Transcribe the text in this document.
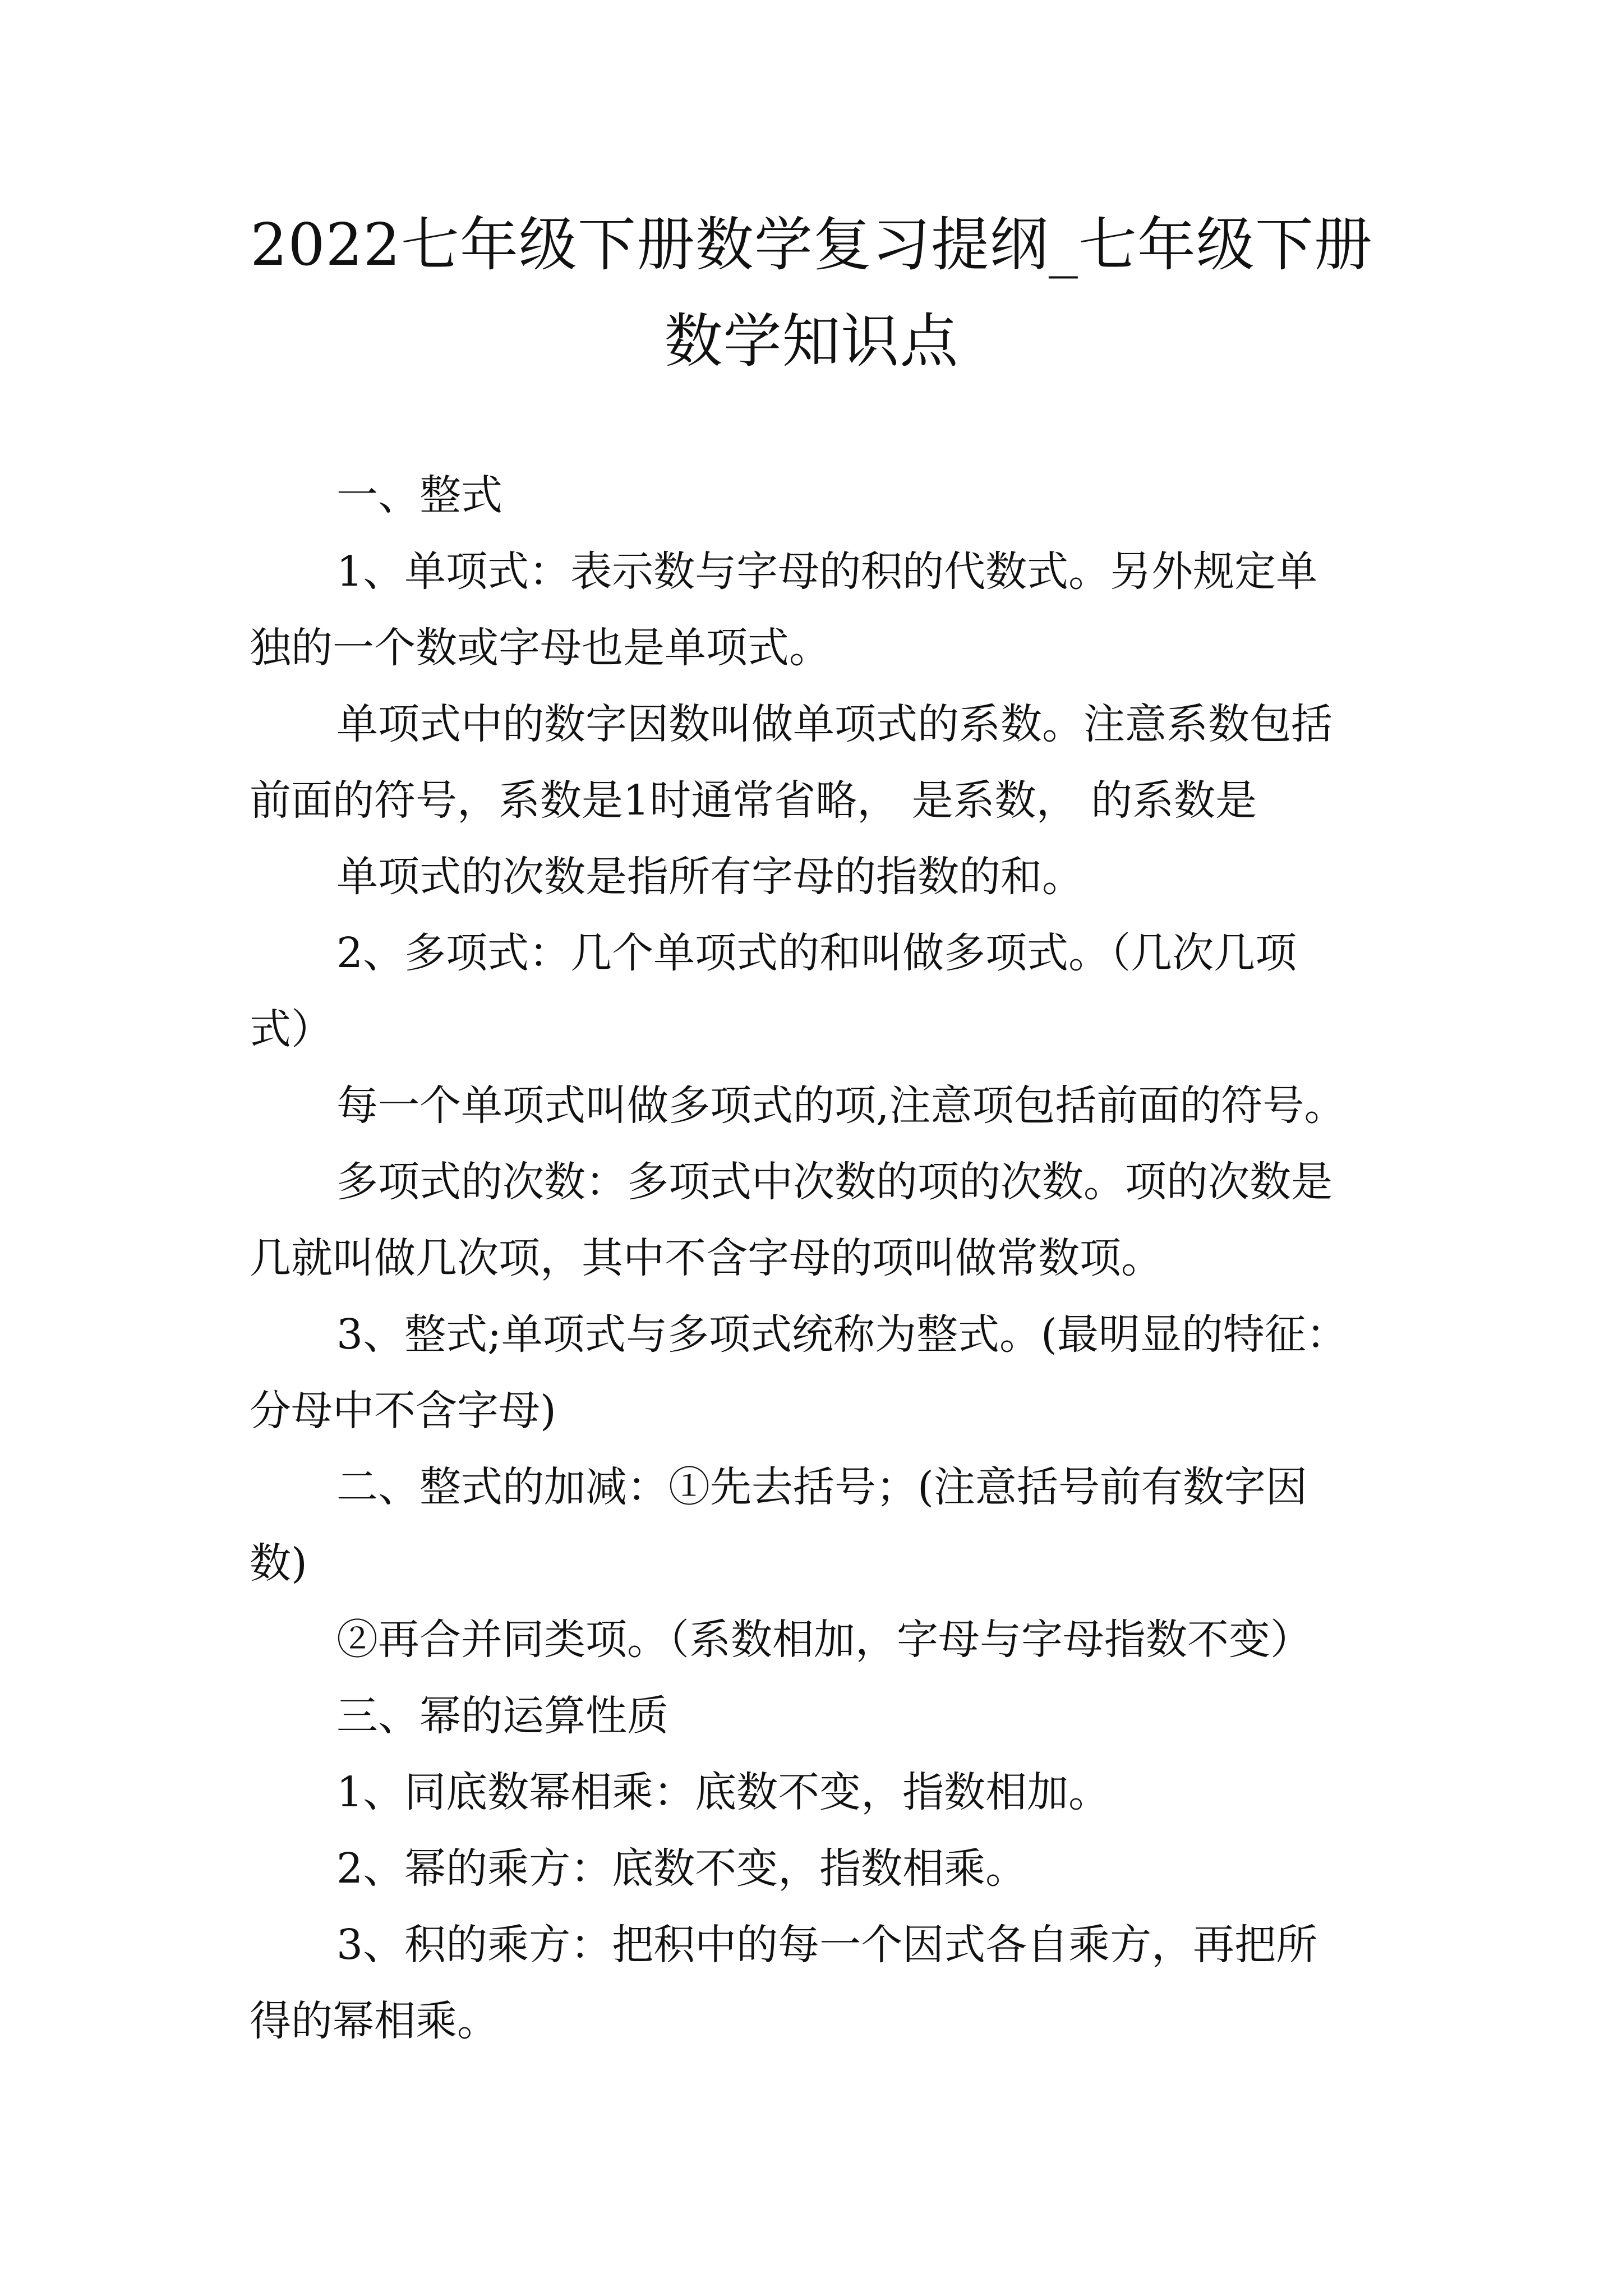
2022七年级下册数学复习提纲_七年级下册
数学知识点

一、整式

1、单项式：表示数与字母的积的代数式。另外规定单

独的一个数或字母也是单项式。

单项式中的数字因数叫做单项式的系数。注意系数包括

前面的符号，系数是1时通常省略， 是系数， 的系数是

单项式的次数是指所有字母的指数的和。

2、多项式：几个单项式的和叫做多项式。（几次几项

式）

每一个单项式叫做多项式的项,注意项包括前面的符号。

多项式的次数：多项式中次数的项的次数。项的次数是

几就叫做几次项，其中不含字母的项叫做常数项。

3、整式;单项式与多项式统称为整式。(最明显的特征：

分母中不含字母)

二、整式的加减：①先去括号；(注意括号前有数字因

数)

②再合并同类项。（系数相加，字母与字母指数不变）

三、幂的运算性质

1、同底数幂相乘：底数不变，指数相加。

2、幂的乘方：底数不变，指数相乘。

3、积的乘方：把积中的每一个因式各自乘方，再把所

得的幂相乘。
